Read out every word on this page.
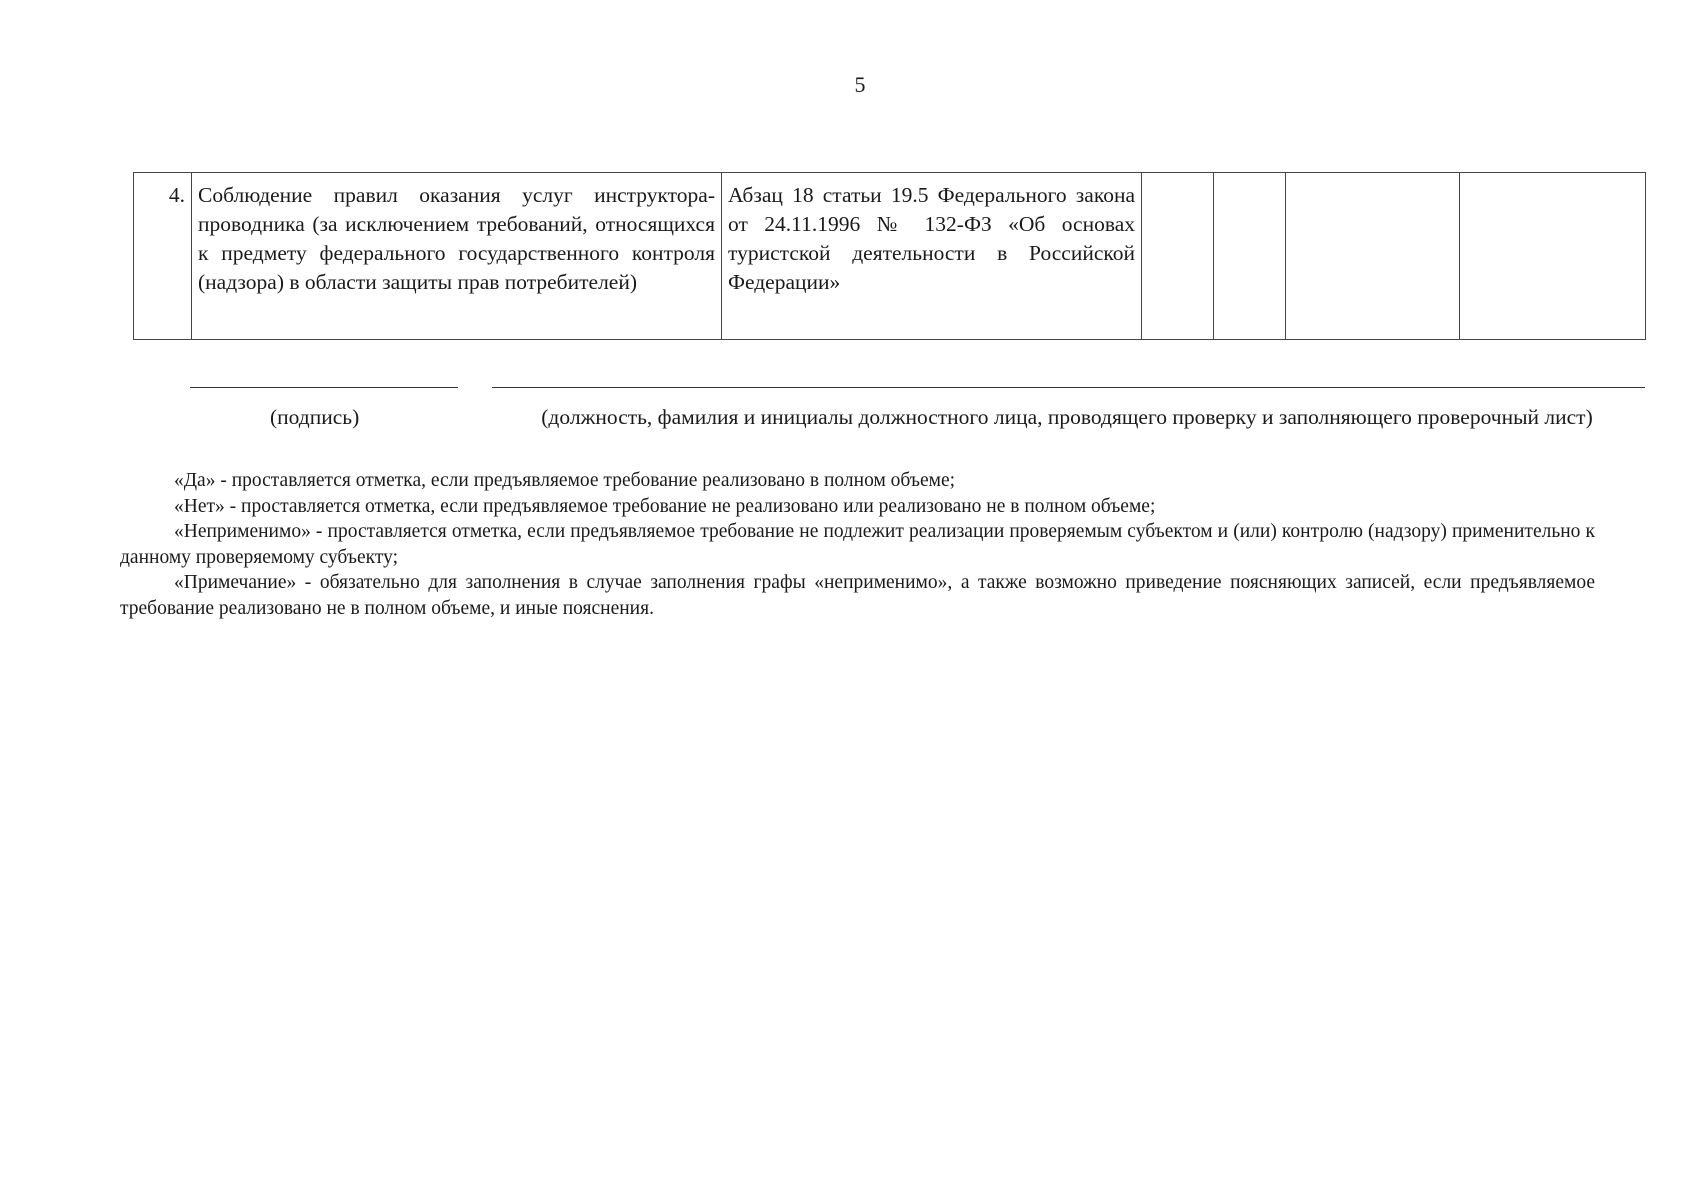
5
4.	Соблюдение правил оказания услуг инструктора-проводника (за исключением требований, относящихся к предмету федерального государственного контроля (надзора) в области защиты прав потребителей)	Абзац 18 статьи 19.5 Федерального закона от 24.11.1996 № 132-ФЗ «Об основах туристской деятельности в Российской Федерации»				
(подпись)	(должность, фамилия и инициалы должностного лица, проводящего проверку и заполняющего проверочный лист)

«Да» - проставляется отметка, если предъявляемое требование реализовано в полном объеме;

«Нет» - проставляется отметка, если предъявляемое требование не реализовано или реализовано не в полном объеме;

«Неприменимо» - проставляется отметка, если предъявляемое требование не подлежит реализации проверяемым субъектом и (или) контролю (надзору) применительно к данному проверяемому субъекту;

«Примечание» - обязательно для заполнения в случае заполнения графы «неприменимо», а также возможно приведение поясняющих записей, если предъявляемое требование реализовано не в полном объеме, и иные пояснения.
